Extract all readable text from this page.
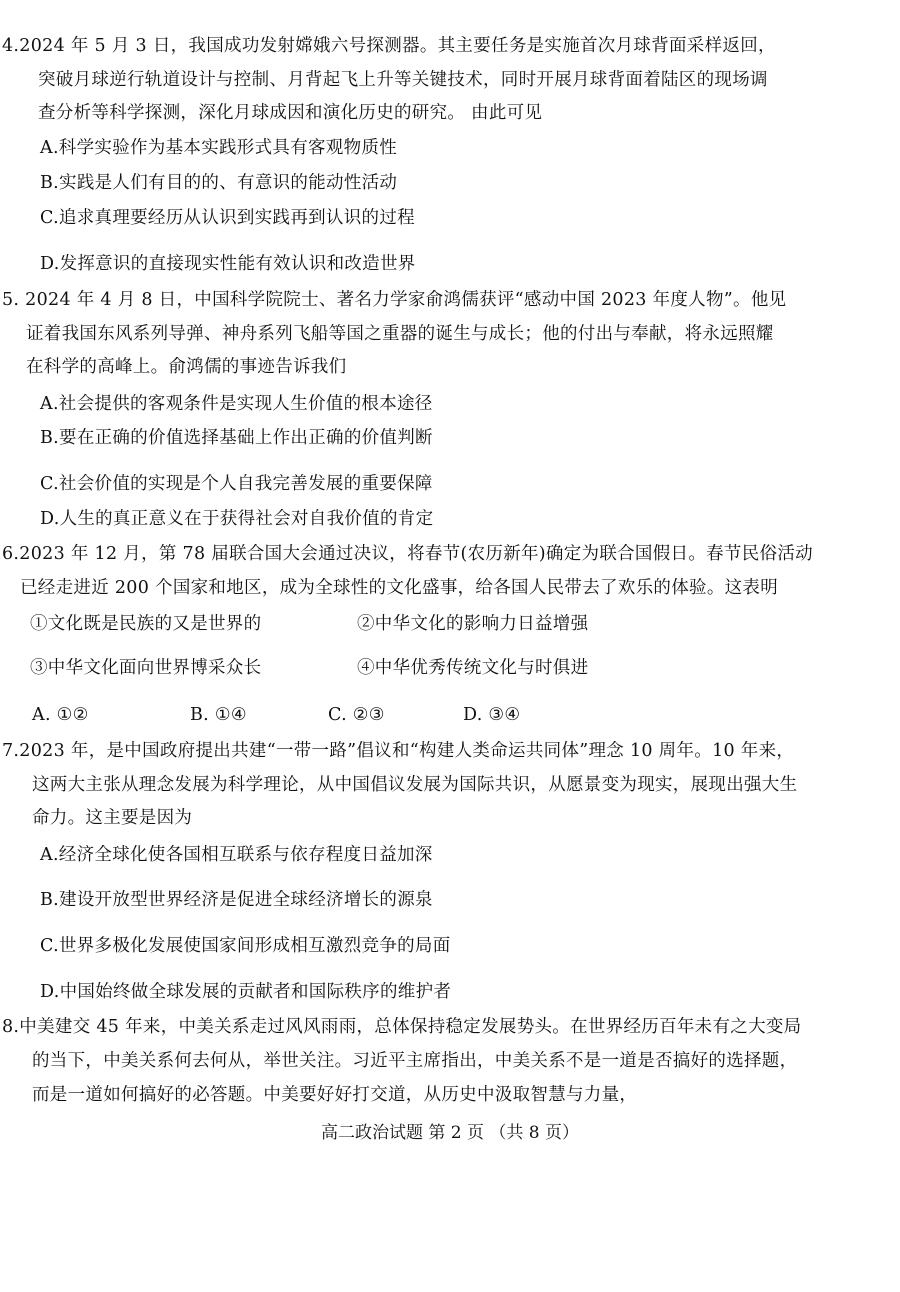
4.2024 年 5 月 3 日，我国成功发射嫦娥六号探测器。其主要任务是实施首次月球背面采样返回，
突破月球逆行轨道设计与控制、月背起飞上升等关键技术，同时开展月球背面着陆区的现场调
查分析等科学探测，深化月球成因和演化历史的研究。 由此可见
A.科学实验作为基本实践形式具有客观物质性
B.实践是人们有目的的、有意识的能动性活动
C.追求真理要经历从认识到实践再到认识的过程
D.发挥意识的直接现实性能有效认识和改造世界
5. 2024 年 4 月 8 日，中国科学院院士、著名力学家俞鸿儒获评“感动中国 2023 年度人物”。他见
证着我国东风系列导弹、神舟系列飞船等国之重器的诞生与成长；他的付出与奉献，将永远照耀
在科学的高峰上。俞鸿儒的事迹告诉我们
A.社会提供的客观条件是实现人生价值的根本途径
B.要在正确的价值选择基础上作出正确的价值判断
C.社会价值的实现是个人自我完善发展的重要保障
D.人生的真正意义在于获得社会对自我价值的肯定
6.2023 年 12 月，第 78 届联合国大会通过决议，将春节(农历新年)确定为联合国假日。春节民俗活动
已经走进近 200 个国家和地区，成为全球性的文化盛事，给各国人民带去了欢乐的体验。这表明
①文化既是民族的又是世界的	②中华文化的影响力日益增强
③中华文化面向世界博采众长	④中华优秀传统文化与时俱进
A. ①②	B. ①④	C. ②③	D. ③④
7.2023 年，是中国政府提出共建“一带一路”倡议和“构建人类命运共同体”理念 10 周年。10 年来，
这两大主张从理念发展为科学理论，从中国倡议发展为国际共识，从愿景变为现实，展现出强大生
命力。这主要是因为
A.经济全球化使各国相互联系与依存程度日益加深
B.建设开放型世界经济是促进全球经济增长的源泉
C.世界多极化发展使国家间形成相互激烈竞争的局面
D.中国始终做全球发展的贡献者和国际秩序的维护者
8.中美建交 45 年来，中美关系走过风风雨雨，总体保持稳定发展势头。在世界经历百年未有之大变局
的当下，中美关系何去何从，举世关注。习近平主席指出，中美关系不是一道是否搞好的选择题，
而是一道如何搞好的必答题。中美要好好打交道，从历史中汲取智慧与力量，
高二政治试题 第 2 页 （共 8 页）
